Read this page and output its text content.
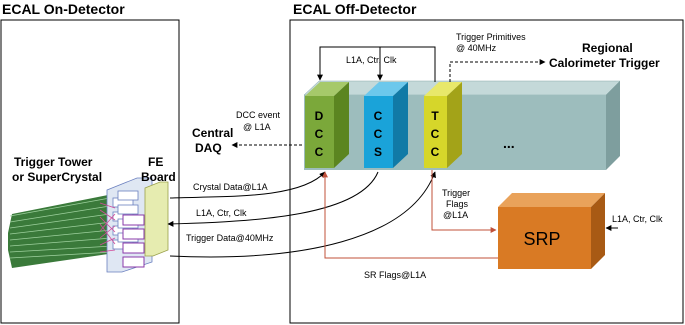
ECAL On-Detector	ECAL Off-Detector
D
C
C
C
C
S
T
C
C
...
L1A, Ctr, Clk
Trigger Primitives
@ 40MHz	Regional
Calorimeter Trigger
DCC event
@ L1A
Central
DAQ
Trigger Tower
or SuperCrystal
FE
Board
Crystal Data@L1A
L1A, Ctr, Clk
Trigger Data@40MHz
Trigger
Flags
@L1A
SRP
L1A, Ctr, Clk
SR Flags@L1A
